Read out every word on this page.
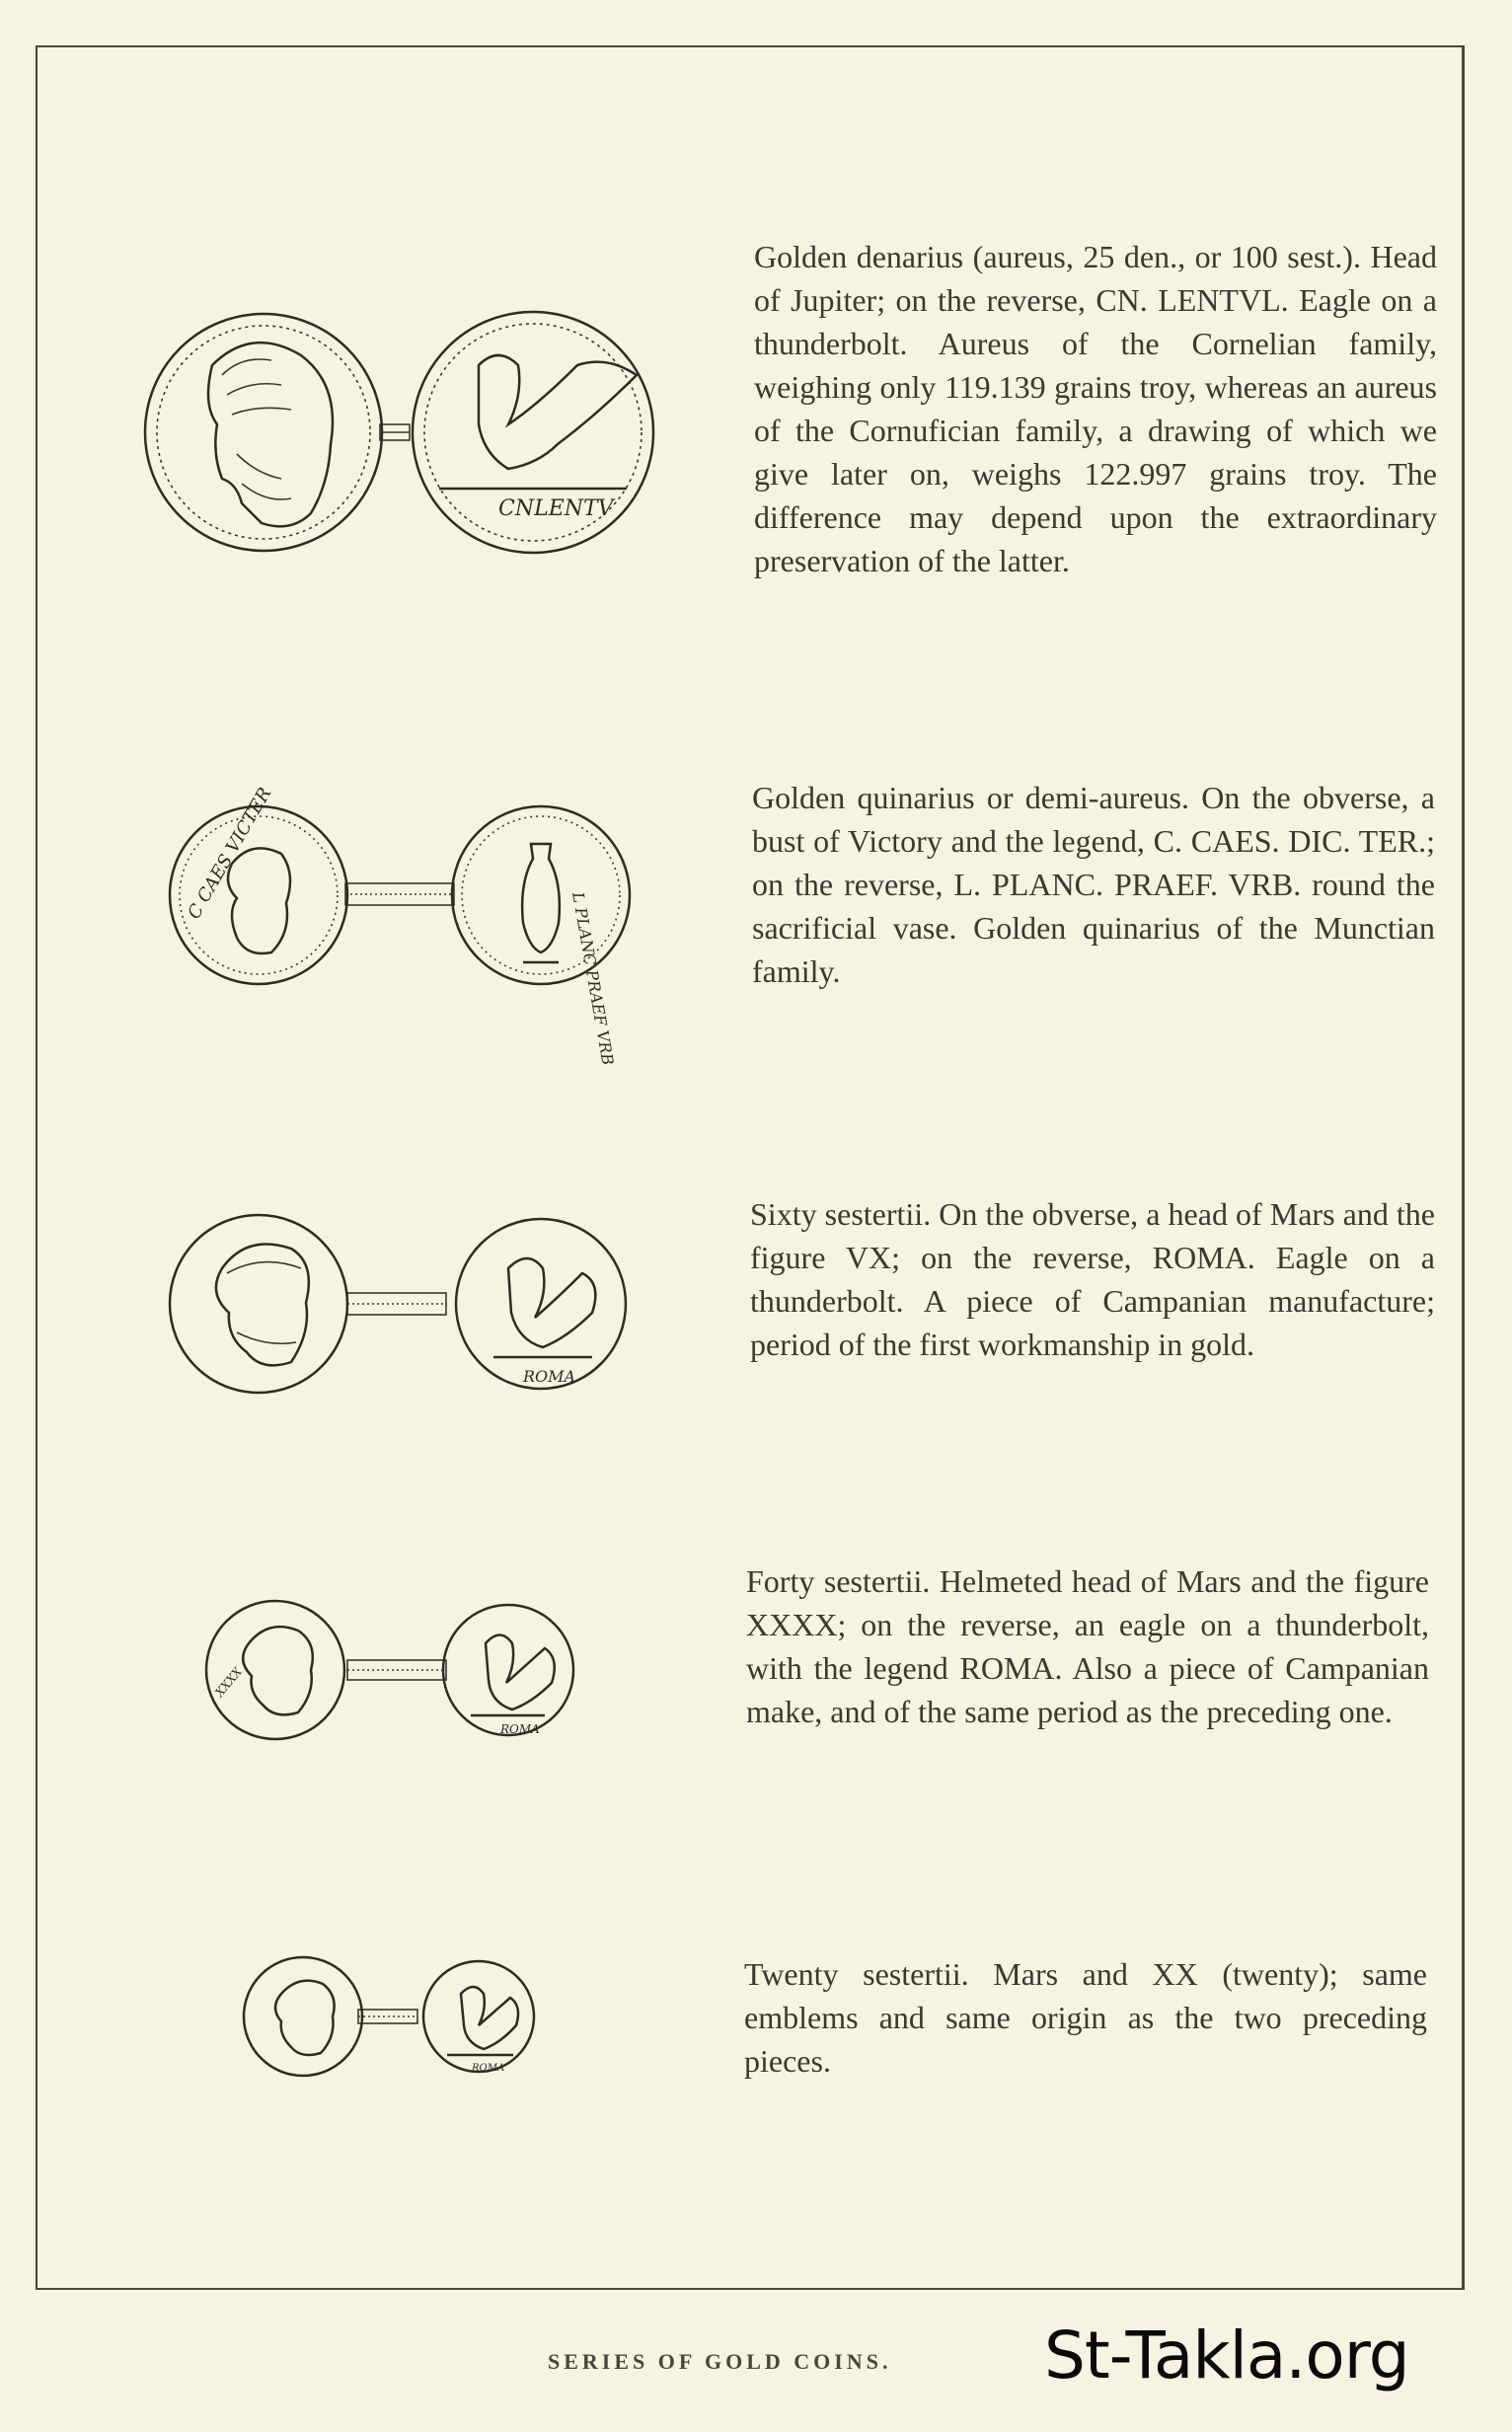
CNLENTV

Golden denarius (aureus, 25 den., or 100 sest.). Head of Jupiter; on the reverse, CN. LENTVL. Eagle on a thunderbolt. Aureus of the Cornelian family, weighing only 119.139 grains troy, whereas an aureus of the Cornufician family, a drawing of which we give later on, weighs 122.997 grains troy. The difference may depend upon the extraordinary preservation of the latter.

C CAES VICTER
L PLANC PRAEF VRB

Golden quinarius or demi-aureus. On the obverse, a bust of Victory and the legend, C. CAES. DIC. TER.; on the reverse, L. PLANC. PRAEF. VRB. round the sacrificial vase. Golden quinarius of the Munctian family.

ROMA

Sixty sestertii. On the obverse, a head of Mars and the figure VX; on the reverse, ROMA. Eagle on a thunderbolt. A piece of Campanian manufacture; period of the first workmanship in gold.

XXXX
ROMA

Forty sestertii. Helmeted head of Mars and the figure XXXX; on the reverse, an eagle on a thunderbolt, with the legend ROMA. Also a piece of Campanian make, and of the same period as the preceding one.

ROMA

Twenty sestertii. Mars and XX (twenty); same emblems and same origin as the two preceding pieces.

SERIES OF GOLD COINS. St-Takla.org
